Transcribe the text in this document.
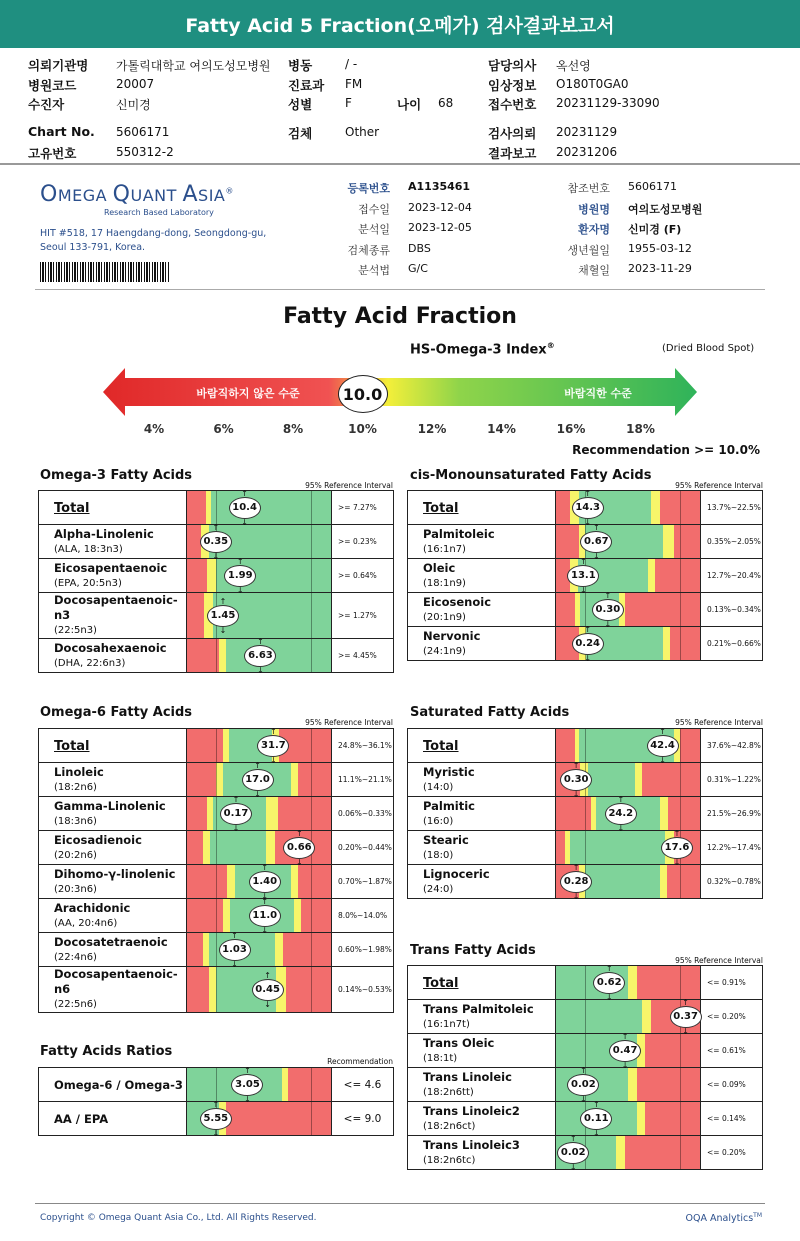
Fatty Acid 5 Fraction(오메가) 검사결과보고서
의뢰기관명 가톨릭대학교 여의도성모병원
병원코드	20007
수진자	신미경
Chart No. 5606171
고유번호	550312-2
병동	/ -
진료과 FM
성별	F
검체	Other
나이 68
담당의사 옥선영
임상정보 O180T0GA0
접수번호 20231129-33090
검사의뢰 20231129
결과보고 20231206
OMEGA QUANT ASIA®
Research Based Laboratory
HIT #518, 17 Haengdang-dong, Seongdong-gu,
Seoul 133-791, Korea.
등록번호 A1135461
접수일 2023-12-04
분석일 2023-12-05
검체종류 DBS
분석법 G/C
참조번호 5606171
병원명 여의도성모병원
환자명 신미경 (F)
생년월일 1955-03-12
채혈일 2023-11-29
Fatty Acid Fraction
HS-Omega-3 Index®	(Dried Blood Spot)
바람직하지 않은 수준	바람직한 수준
10.0
4%	6%	8%	10%	12%	14%	16%	18%
Recommendation >= 10.0%
Omega-3 Fatty Acids
95% Reference Interval
cis-Monounsaturated Fatty Acids
95% Reference Interval
Omega-6 Fatty Acids
95% Reference Interval
Saturated Fatty Acids
95% Reference Interval
Trans Fatty Acids
95% Reference Interval
Fatty Acids Ratios
Recommendation
Total	↑ 10.4 ↓	>= 7.27%

Alpha-Linolenic
(ALA, 18:3n3)	↑ 0.35 ↓	>= 0.23%

Eicosapentaenoic
(EPA, 20:5n3)	↑ 1.99 ↓	>= 0.64%

Docosapentaenoic-n3
(22:5n3)	↑ 1.45 ↓	>= 1.27%

Docosahexaenoic
(DHA, 22:6n3)	↑ 6.63 ↓	>= 4.45%
Total	↑ 14.3 ↓	13.7%~22.5%

Palmitoleic
(16:1n7)	↑ 0.67 ↓	0.35%~2.05%

Oleic
(18:1n9)	↑ 13.1 ↓	12.7%~20.4%

Eicosenoic
(20:1n9)	↑ 0.30 ↓	0.13%~0.34%

Nervonic
(24:1n9)	↑ 0.24 ↓	0.21%~0.66%
Total	↑ 31.7 ↓	24.8%~36.1%

Linoleic
(18:2n6)	↑ 17.0 ↓	11.1%~21.1%

Gamma-Linolenic
(18:3n6)	↑ 0.17 ↓	0.06%~0.33%

Eicosadienoic
(20:2n6)	↑ 0.66 ↓	0.20%~0.44%

Dihomo-γ-linolenic
(20:3n6)	↑ 1.40 ↓	0.70%~1.87%

Arachidonic
(AA, 20:4n6)	↑ 11.0 ↓	8.0%~14.0%

Docosatetraenoic
(22:4n6)	↑ 1.03 ↓	0.60%~1.98%

Docosapentaenoic-n6
(22:5n6)	↑ 0.45 ↓	0.14%~0.53%
Total	↑ 42.4 ↓	37.6%~42.8%

Myristic
(14:0)	↑ 0.30 ↓	0.31%~1.22%

Palmitic
(16:0)	↑ 24.2 ↓	21.5%~26.9%

Stearic
(18:0)	↑ 17.6 ↓	12.2%~17.4%

Lignoceric
(24:0)	↑ 0.28 ↓	0.32%~0.78%
Total	↑ 0.62 ↓	<= 0.91%

Trans Palmitoleic
(16:1n7t)	↑ 0.37 ↓	<= 0.20%

Trans Oleic
(18:1t)	↑ 0.47 ↓	<= 0.61%

Trans Linoleic
(18:2n6tt)	↑ 0.02 ↓	<= 0.09%

Trans Linoleic2
(18:2n6ct)	↑ 0.11 ↓	<= 0.14%

Trans Linoleic3
(18:2n6tc)	↑ 0.02 ↓	<= 0.20%
Omega-6 / Omega-3	↑ 3.05 ↓	<= 4.6
AA / EPA	↑ 5.55 ↓	<= 9.0
Copyright © Omega Quant Asia Co., Ltd. All Rights Reserved.	OQA Analytics™
